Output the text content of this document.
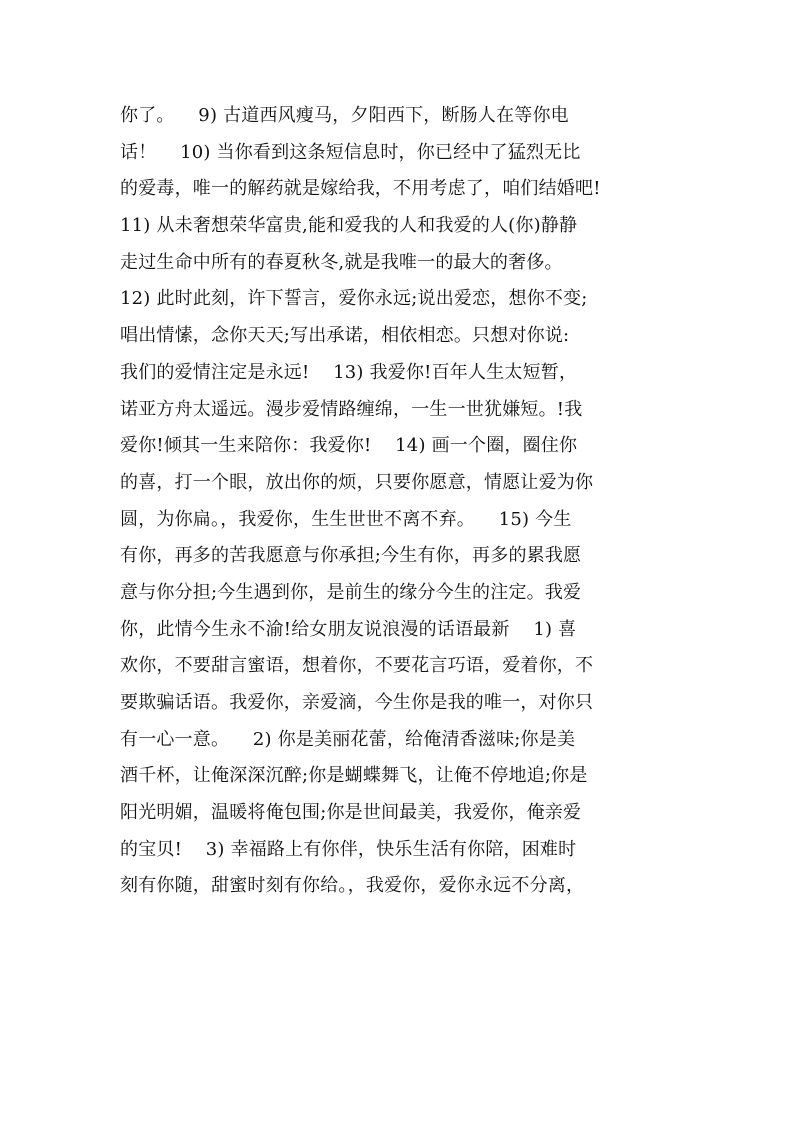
你了。    9) 古道西风瘦马，夕阳西下，断肠人在等你电
话！    10) 当你看到这条短信息时，你已经中了猛烈无比
的爱毒，唯一的解药就是嫁给我，不用考虑了，咱们结婚吧!
11) 从未奢想荣华富贵,能和爱我的人和我爱的人(你)静静
走过生命中所有的春夏秋冬,就是我唯一的最大的奢侈。
12) 此时此刻，许下誓言，爱你永远;说出爱恋，想你不变;
唱出情愫，念你天天;写出承诺，相依相恋。只想对你说:
我们的爱情注定是永远!    13) 我爱你!百年人生太短暂，
诺亚方舟太遥远。漫步爱情路缠绵，一生一世犹嫌短。!我
爱你!倾其一生来陪你：我爱你!    14) 画一个圈，圈住你
的喜，打一个眼，放出你的烦，只要你愿意，情愿让爱为你
圆，为你扁。，我爱你，生生世世不离不弃。    15) 今生
有你，再多的苦我愿意与你承担;今生有你，再多的累我愿
意与你分担;今生遇到你，是前生的缘分今生的注定。我爱
你，此情今生永不渝!给女朋友说浪漫的话语最新    1) 喜
欢你，不要甜言蜜语，想着你，不要花言巧语，爱着你，不
要欺骗话语。我爱你，亲爱滴，今生你是我的唯一，对你只
有一心一意。    2) 你是美丽花蕾，给俺清香滋味;你是美
酒千杯，让俺深深沉醉;你是蝴蝶舞飞，让俺不停地追;你是
阳光明媚，温暖将俺包围;你是世间最美，我爱你，俺亲爱
的宝贝!    3) 幸福路上有你伴，快乐生活有你陪，困难时
刻有你随，甜蜜时刻有你给。，我爱你，爱你永远不分离，
